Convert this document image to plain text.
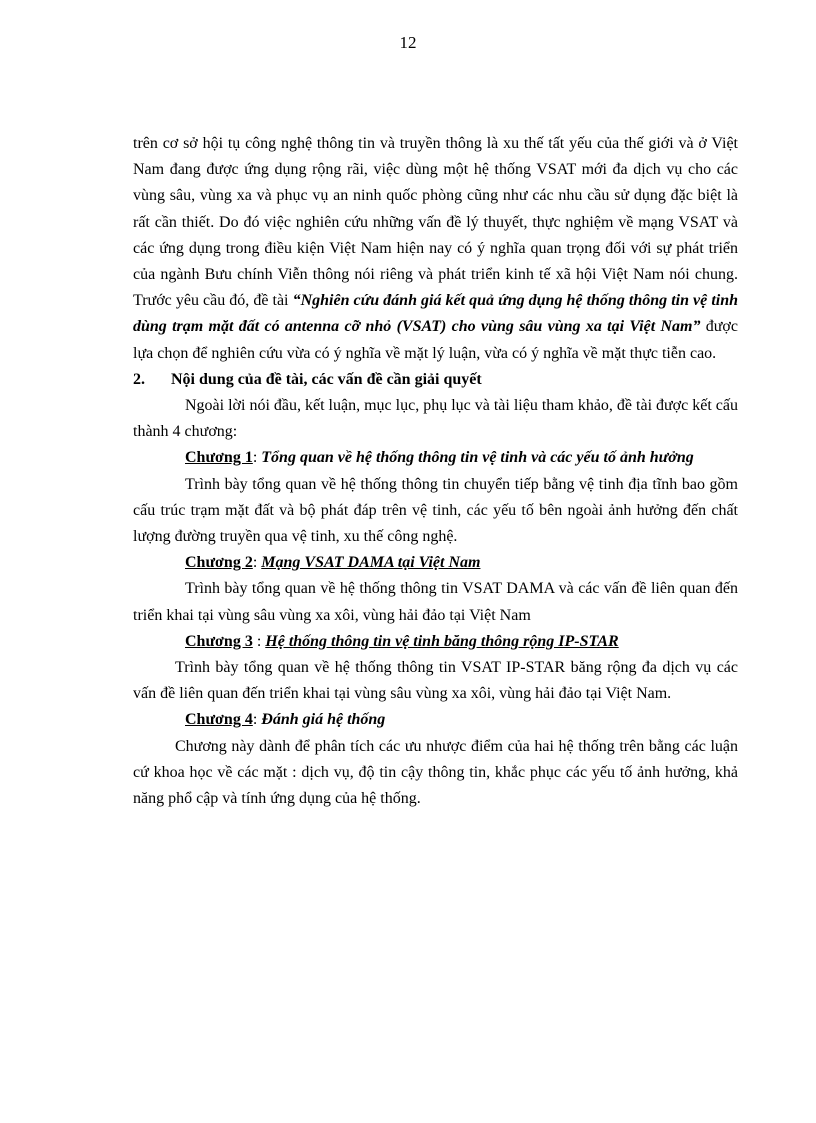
12

trên cơ sở hội tụ công nghệ thông tin và truyền thông là xu thế tất yếu của thế giới và ở Việt Nam đang được ứng dụng rộng rãi, việc dùng một hệ thống VSAT mới đa dịch vụ cho các vùng sâu, vùng xa và phục vụ an ninh quốc phòng cũng như các nhu cầu sử dụng đặc biệt là rất cần thiết. Do đó việc nghiên cứu những vấn đề lý thuyết, thực nghiệm về mạng VSAT và các ứng dụng trong điều kiện Việt Nam hiện nay có ý nghĩa quan trọng đối với sự phát triển của ngành Bưu chính Viễn thông nói riêng và phát triển kinh tế xã hội Việt Nam nói chung. Trước yêu cầu đó, đề tài “Nghiên cứu đánh giá kết quả ứng dụng hệ thống thông tin vệ tinh dùng trạm mặt đất có antenna cỡ nhỏ (VSAT) cho vùng sâu vùng xa tại Việt Nam” được lựa chọn để nghiên cứu vừa có ý nghĩa về mặt lý luận, vừa có ý nghĩa về mặt thực tiễn cao.

2. Nội dung của đề tài, các vấn đề cần giải quyết

Ngoài lời nói đầu, kết luận, mục lục, phụ lục và tài liệu tham khảo, đề tài được kết cấu thành 4 chương:

Chương 1: Tổng quan về hệ thống thông tin vệ tinh và các yếu tố ảnh hưởng

Trình bày tổng quan về hệ thống thông tin chuyển tiếp bằng vệ tinh địa tĩnh bao gồm cấu trúc trạm mặt đất và bộ phát đáp trên vệ tinh, các yếu tố bên ngoài ảnh hưởng đến chất lượng đường truyền qua vệ tinh, xu thế công nghệ.

Chương 2: Mạng VSAT DAMA tại Việt Nam

Trình bày tổng quan về hệ thống thông tin VSAT DAMA và các vấn đề liên quan đến triển khai tại vùng sâu vùng xa xôi, vùng hải đảo tại Việt Nam

Chương 3 : Hệ thống thông tin vệ tinh băng thông rộng IP-STAR

Trình bày tổng quan về hệ thống thông tin VSAT IP-STAR băng rộng đa dịch vụ các vấn đề liên quan đến triển khai tại vùng sâu vùng xa xôi, vùng hải đảo tại Việt Nam.

Chương 4: Đánh giá hệ thống

Chương này dành để phân tích các ưu nhược điểm của hai hệ thống trên bằng các luận cứ khoa học về các mặt : dịch vụ, độ tin cậy thông tin, khắc phục các yếu tố ảnh hưởng, khả năng phổ cập và tính ứng dụng của hệ thống.
